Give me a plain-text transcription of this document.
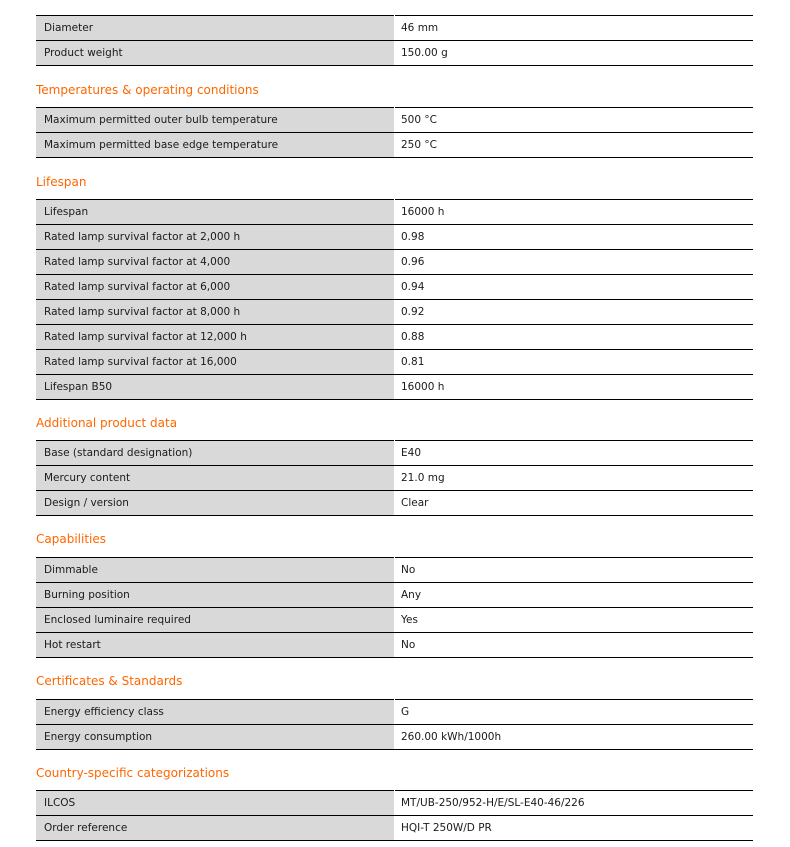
Diameter	46 mm
Product weight	150.00 g
Temperatures & operating conditions
Maximum permitted outer bulb temperature	500 °C
Maximum permitted base edge temperature	250 °C
Lifespan
Lifespan	16000 h
Rated lamp survival factor at 2,000 h	0.98
Rated lamp survival factor at 4,000	0.96
Rated lamp survival factor at 6,000	0.94
Rated lamp survival factor at 8,000 h	0.92
Rated lamp survival factor at 12,000 h	0.88
Rated lamp survival factor at 16,000	0.81
Lifespan B50	16000 h
Additional product data
Base (standard designation)	E40
Mercury content	21.0 mg
Design / version	Clear
Capabilities
Dimmable	No
Burning position	Any
Enclosed luminaire required	Yes
Hot restart	No
Certificates & Standards
Energy efficiency class	G
Energy consumption	260.00 kWh/1000h
Country-specific categorizations
ILCOS	MT/UB-250/952-H/E/SL-E40-46/226
Order reference	HQI-T 250W/D PR
